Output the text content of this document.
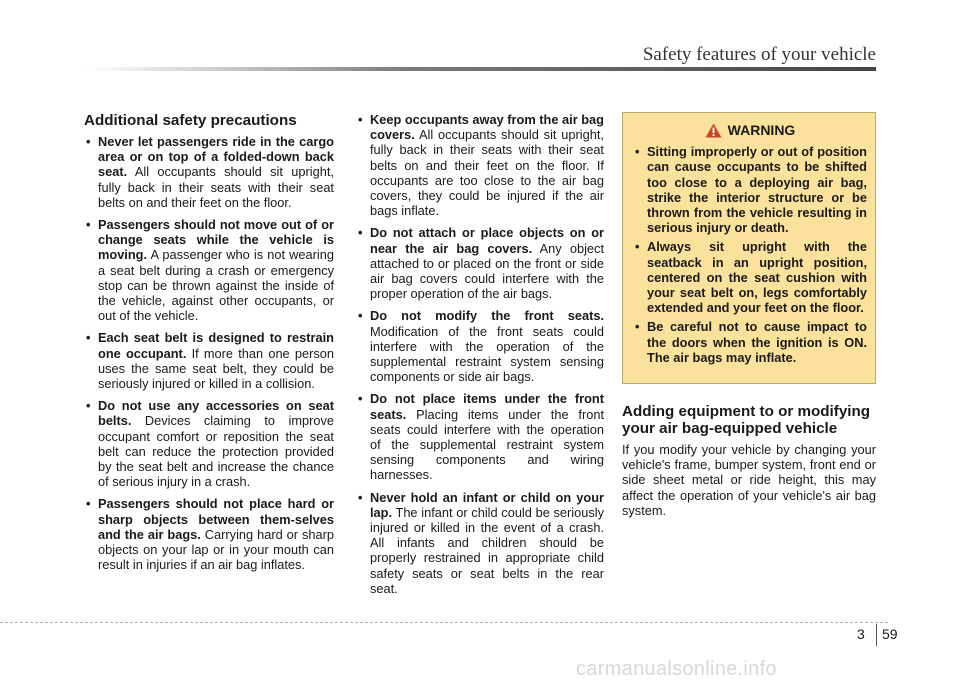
Safety features of your vehicle
Additional safety precautions
• Never let passengers ride in the cargo area or on top of a folded-down back seat. All occupants should sit upright, fully back in their seats with their seat belts on and their feet on the floor.
• Passengers should not move out of or change seats while the vehicle is moving. A passenger who is not wearing a seat belt during a crash or emergency stop can be thrown against the inside of the vehicle, against other occupants, or out of the vehicle.
• Each seat belt is designed to restrain one occupant. If more than one person uses the same seat belt, they could be seriously injured or killed in a collision.
• Do not use any accessories on seat belts. Devices claiming to improve occupant comfort or reposition the seat belt can reduce the protection provided by the seat belt and increase the chance of serious injury in a crash.
• Passengers should not place hard or sharp objects between them-selves and the air bags. Carrying hard or sharp objects on your lap or in your mouth can result in injuries if an air bag inflates.
• Keep occupants away from the air bag covers. All occupants should sit upright, fully back in their seats with their seat belts on and their feet on the floor. If occupants are too close to the air bag covers, they could be injured if the air bags inflate.
• Do not attach or place objects on or near the air bag covers. Any object attached to or placed on the front or side air bag covers could interfere with the proper operation of the air bags.
• Do not modify the front seats. Modification of the front seats could interfere with the operation of the supplemental restraint system sensing components or side air bags.
• Do not place items under the front seats. Placing items under the front seats could interfere with the operation of the supplemental restraint system sensing components and wiring harnesses.
• Never hold an infant or child on your lap. The infant or child could be seriously injured or killed in the event of a crash. All infants and children should be properly restrained in appropriate child safety seats or seat belts in the rear seat.
WARNING
• Sitting improperly or out of position can cause occupants to be shifted too close to a deploying air bag, strike the interior structure or be thrown from the vehicle resulting in serious injury or death.
• Always sit upright with the seatback in an upright position, centered on the seat cushion with your seat belt on, legs comfortably extended and your feet on the floor.
• Be careful not to cause impact to the doors when the ignition is ON. The air bags may inflate.
Adding equipment to or modifying your air bag-equipped vehicle

If you modify your vehicle by changing your vehicle's frame, bumper system, front end or side sheet metal or ride height, this may affect the operation of your vehicle's air bag system.

3 59
carmanualsonline.info
